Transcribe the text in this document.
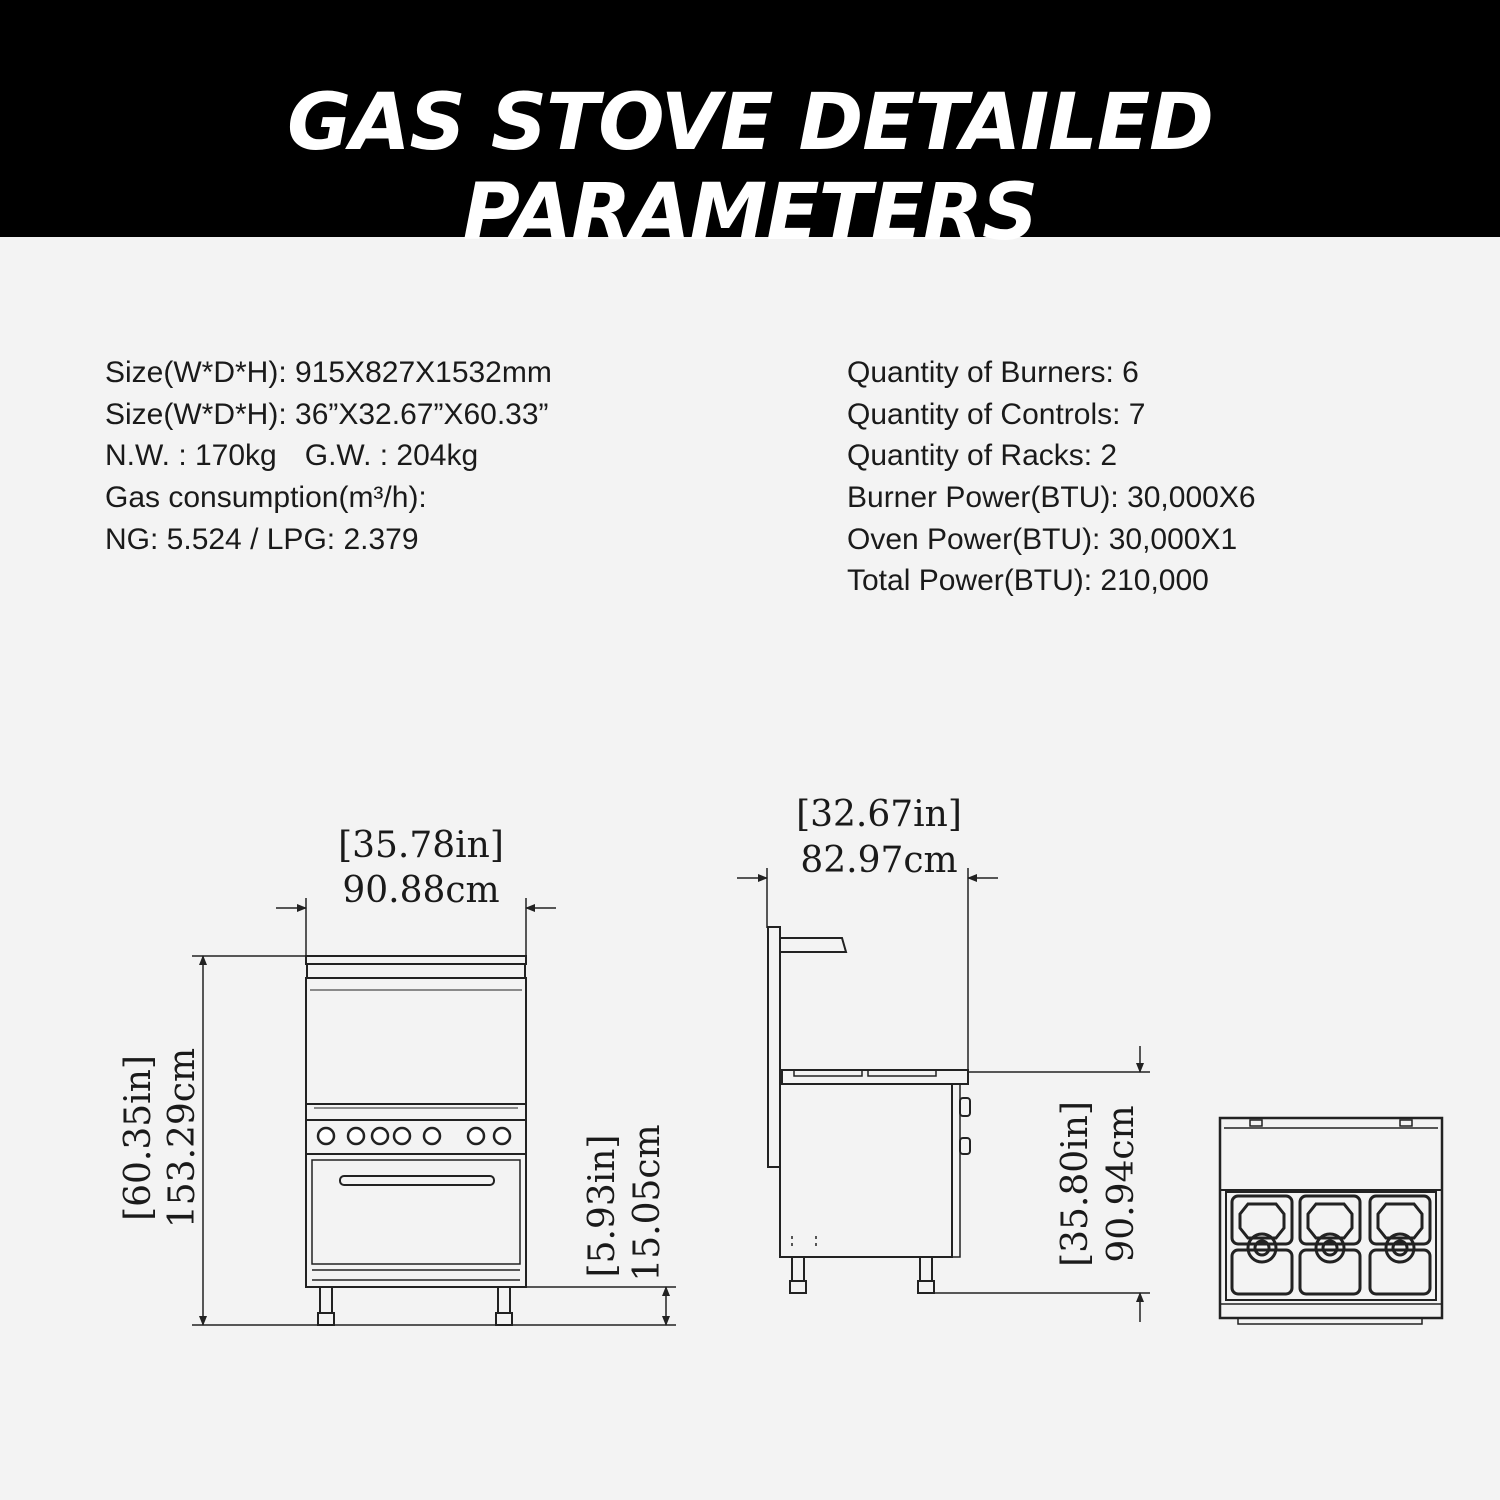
GAS STOVE DETAILED PARAMETERS
Size(W*D*H): 915X827X1532mm
Size(W*D*H): 36”X32.67”X60.33”
N.W. : 170kg G.W. : 204kg
Gas consumption(m³/h):
NG: 5.524 / LPG: 2.379
Quantity of Burners: 6
Quantity of Controls: 7
Quantity of Racks: 2
Burner Power(BTU): 30,000X6
Oven Power(BTU): 30,000X1
Total Power(BTU): 210,000
[35.78in]
90.88cm
[60.35in] 153.29cm	[5.93in] 15.05cm
[32.67in]
82.97cm
[35.80in] 90.94cm
